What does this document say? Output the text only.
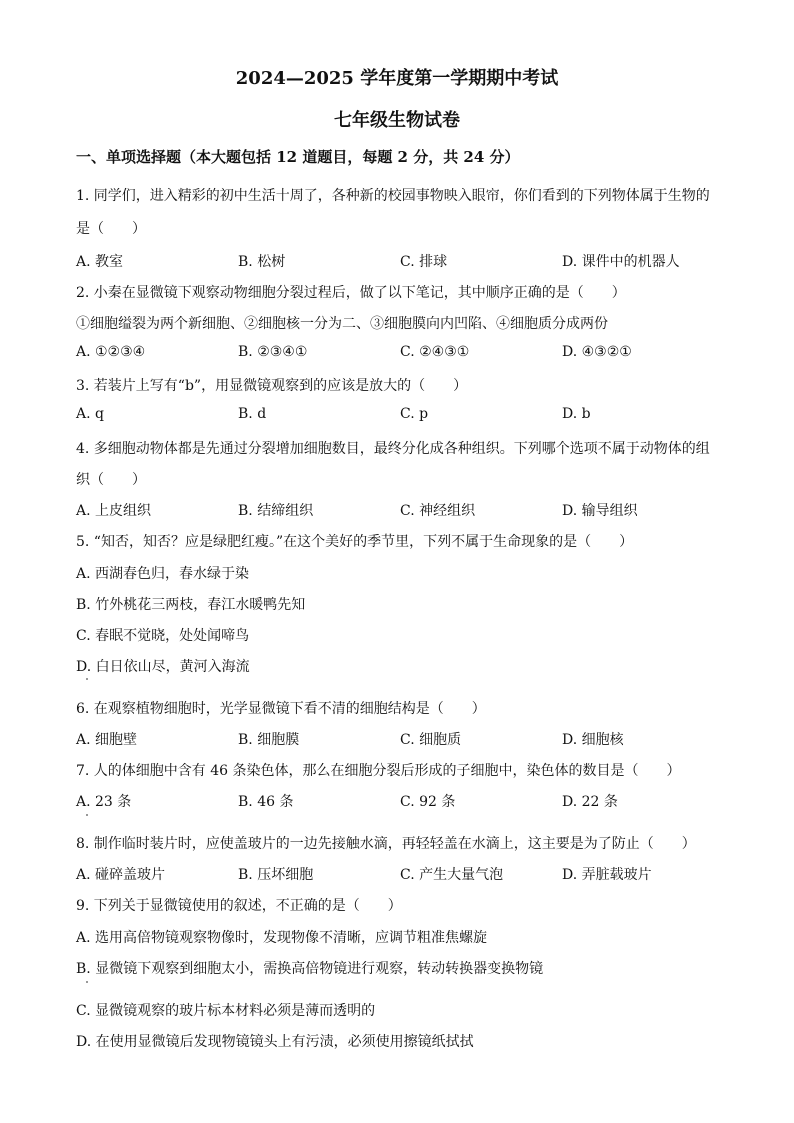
2024—2025 学年度第一学期期中考试
七年级生物试卷
一、单项选择题（本大题包括 12 道题目，每题 2 分，共 24 分）
1. 同学们，进入精彩的初中生活十周了，各种新的校园事物映入眼帘，你们看到的下列物体属于生物的
是（　　）
A. 教室	B. 松树	C. 排球	D. 课件中的机器人
2. 小秦在显微镜下观察动物细胞分裂过程后，做了以下笔记，其中顺序正确的是（　　）
①细胞缢裂为两个新细胞、②细胞核一分为二、③细胞膜向内凹陷、④细胞质分成两份
A. ①②③④	B. ②③④①	C. ②④③①	D. ④③②①
3. 若装片上写有“b”，用显微镜观察到的应该是放大的（　　）
A. q	B. d	C. p	D. b
4. 多细胞动物体都是先通过分裂增加细胞数目，最终分化成各种组织。下列哪个选项不属于动物体的组
织（　　）
A. 上皮组织	B. 结缔组织	C. 神经组织	D. 输导组织
5. “知否，知否？应是绿肥红瘦。”在这个美好的季节里，下列不属于生命现象的是（　　）
A. 西湖春色归，春水绿于染
B. 竹外桃花三两枝，春江水暖鸭先知
C. 春眠不觉晓，处处闻啼鸟
D. 白日依山尽，黄河入海流
6. 在观察植物细胞时，光学显微镜下看不清的细胞结构是（　　）
A. 细胞壁	B. 细胞膜	C. 细胞质	D. 细胞核
7. 人的体细胞中含有 46 条染色体，那么在细胞分裂后形成的子细胞中，染色体的数目是（　　）
A. 23 条	B. 46 条	C. 92 条	D. 22 条
8. 制作临时装片时，应使盖玻片的一边先接触水滴，再轻轻盖在水滴上，这主要是为了防止（　　）
A. 碰碎盖玻片	B. 压坏细胞	C. 产生大量气泡	D. 弄脏载玻片
9. 下列关于显微镜使用的叙述，不正确的是（　　）
A. 选用高倍物镜观察物像时，发现物像不清晰，应调节粗准焦螺旋
B. 显微镜下观察到细胞太小，需换高倍物镜进行观察，转动转换器变换物镜
C. 显微镜观察的玻片标本材料必须是薄而透明的
D. 在使用显微镜后发现物镜镜头上有污渍，必须使用擦镜纸拭拭
